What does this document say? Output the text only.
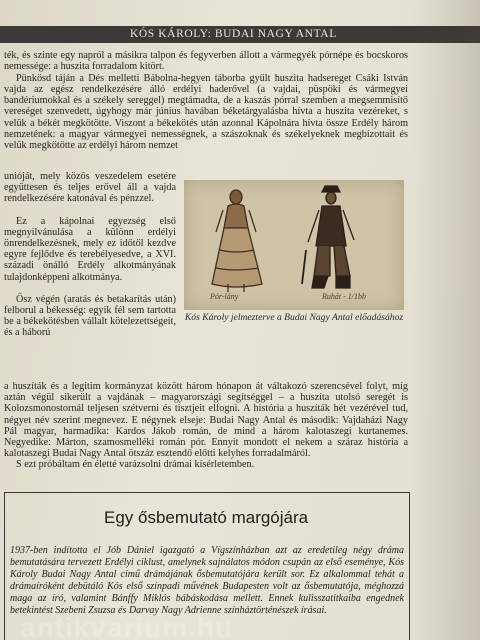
KÓS KÁROLY: BUDAI NAGY ANTAL

ték, és szinte egy napról a másikra talpon és fegyverben állott a vármegyék pórnépe és bocskoros nemessége: a huszita forradalom kitört.

Pünkösd táján a Dés melletti Bábolna-hegyen táborba gyűlt huszita hadsereget Csáki István vajda az egész rendelkezésére álló erdélyi haderővel (a vajdai, püspöki és vármegyei bandériumokkal és a székely sereggel) megtámadta, de a kaszás pórral szemben a megsemmisítő vereséget szenvedett, úgyhogy már június havában béketárgyalásba hívta a huszita vezéreket, s velük a békét megkötötte. Viszont a békekötés után azonnal Kápolnára hívta össze Erdély három nemzetének: a magyar vármegyei nemességnek, a szászoknak és székelyeknek megbízottait és velük megkötötte az erdélyi három nemzet

unióját, mely közös veszedelem esetére együttesen és teljes erővel áll a vajda rendelkezésére katonával és pénzzel.

Ez a kápolnai egyezség első megnyilvánulása a különn erdélyi önrendelkezésnek, mely ez időtől kezdve egyre fejlődve és terebélyesedve, a XVI. századi önálló Erdély alkotmányának tulajdonképpeni alkotmánya.

Ősz végén (aratás és betakarítás után) felborul a békesség: egyik fél sem tartotta be a békekötésben vállalt kötelezettségeit, és a háború

Pór-lány	Ruhát - 1/1bb
Kós Károly jelmezterve a Budai Nagy Antal előadásához

a huszíták és a legitim kormányzat között három hónapon át váltakozó szerencsével folyt, míg aztán végül sikerült a vajdának – magyarországi segítséggel – a huszíta utolsó seregét is Kolozsmonostornál teljesen szétverni és tisztjeit elfogni. A história a huszíták hét vezérével tud, négyet név szerint megnevez. E négynek elseje: Budai Nagy Antal és második: Vajdaházi Nagy Pál magyar, harmadika: Kardos Jákob román, de mind a három kalotaszegi kurtanemes. Negyedike: Márton, szamosmelléki román pór. Ennyit mondott el nekem a száraz história a kalotaszegi Budai Nagy Antal ötszáz esztendő előtti kelyhes forradalmáról.

S ezt próbáltam én életté varázsolni drámai kísérletemben.

Egy ősbemutató margójára

1937-ben indította el Jób Dániel igazgató a Vígszínházban azt az eredetileg négy dráma bemutatására tervezett Erdélyi ciklust, amelynek sajnálatos módon csupán az első eseménye, Kós Károly Budai Nagy Antal című drámájának ősbemutatójára került sor. Ez alkalommal tehát a drámaíróként debütáló Kós első színpadi művének Budapesten volt az ősbemutatója, méghozzá maga az író, valamint Bánffy Miklós bábáskodása mellett. Ennek kulisszatitkaiba engednek betekintést Szebeni Zsuzsa és Darvay Nagy Adrienne színháztörténészek írásai.

antikvarium.hu
